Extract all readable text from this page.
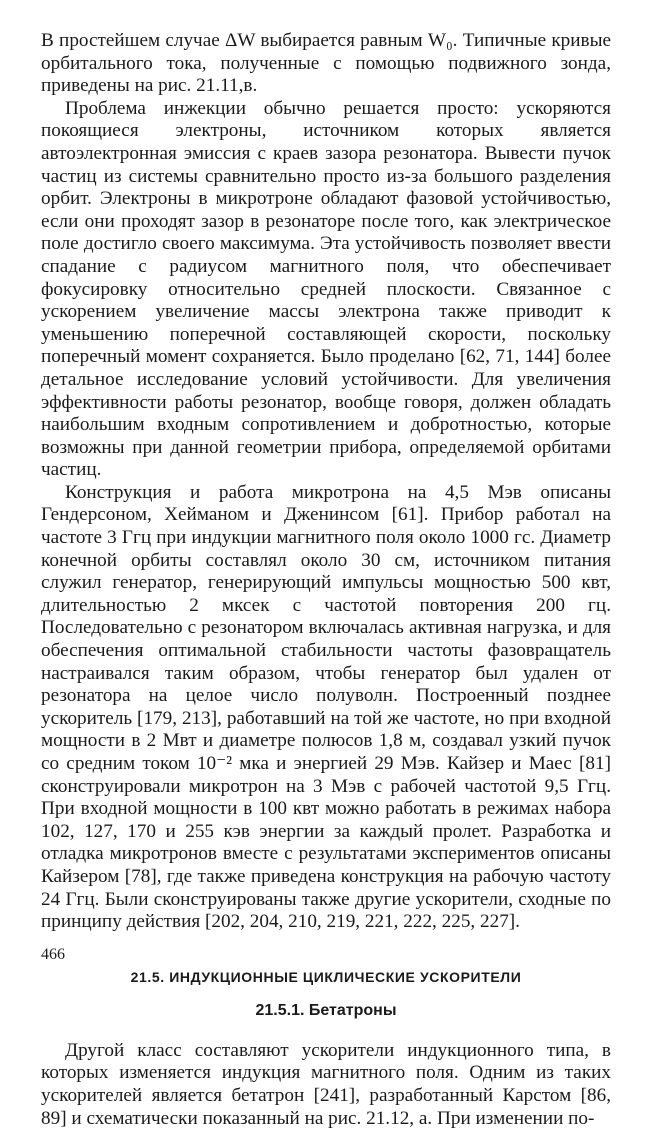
В простейшем случае ΔW выбирается равным W₀. Типичные кривые орбитального тока, полученные с помощью подвижного зонда, приведены на рис. 21.11,в.

Проблема инжекции обычно решается просто: ускоряются покоящиеся электроны, источником которых является автоэлектронная эмиссия с краев зазора резонатора. Вывести пучок частиц из системы сравнительно просто из-за большого разделения орбит. Электроны в микротроне обладают фазовой устойчивостью, если они проходят зазор в резонаторе после того, как электрическое поле достигло своего максимума. Эта устойчивость позволяет ввести спадание с радиусом магнитного поля, что обеспечивает фокусировку относительно средней плоскости. Связанное с ускорением увеличение массы электрона также приводит к уменьшению поперечной составляющей скорости, поскольку поперечный момент сохраняется. Было проделано [62, 71, 144] более детальное исследование условий устойчивости. Для увеличения эффективности работы резонатор, вообще говоря, должен обладать наибольшим входным сопротивлением и добротностью, которые возможны при данной геометрии прибора, определяемой орбитами частиц.

Конструкция и работа микротрона на 4,5 Мэв описаны Гендерсоном, Хейманом и Дженинсом [61]. Прибор работал на частоте 3 Ггц при индукции магнитного поля около 1000 гс. Диаметр конечной орбиты составлял около 30 см, источником питания служил генератор, генерирующий импульсы мощностью 500 квт, длительностью 2 мксек с частотой повторения 200 гц. Последовательно с резонатором включалась активная нагрузка, и для обеспечения оптимальной стабильности частоты фазовращатель настраивался таким образом, чтобы генератор был удален от резонатора на целое число полуволн. Построенный позднее ускоритель [179, 213], работавший на той же частоте, но при входной мощности в 2 Мвт и диаметре полюсов 1,8 м, создавал узкий пучок со средним током 10⁻² мка и энергией 29 Мэв. Кайзер и Маес [81] сконструировали микротрон на 3 Мэв с рабочей частотой 9,5 Ггц. При входной мощности в 100 квт можно работать в режимах набора 102, 127, 170 и 255 кэв энергии за каждый пролет. Разработка и отладка микротронов вместе с результатами экспериментов описаны Кайзером [78], где также приведена конструкция на рабочую частоту 24 Ггц. Были сконструированы также другие ускорители, сходные по принципу действия [202, 204, 210, 219, 221, 222, 225, 227].

21.5. ИНДУКЦИОННЫЕ ЦИКЛИЧЕСКИЕ УСКОРИТЕЛИ

21.5.1. Бетатроны

Другой класс составляют ускорители индукционного типа, в которых изменяется индукция магнитного поля. Одним из таких ускорителей является бетатрон [241], разработанный Карстом [86, 89] и схематически показанный на рис. 21.12, а. При изменении по-

466
